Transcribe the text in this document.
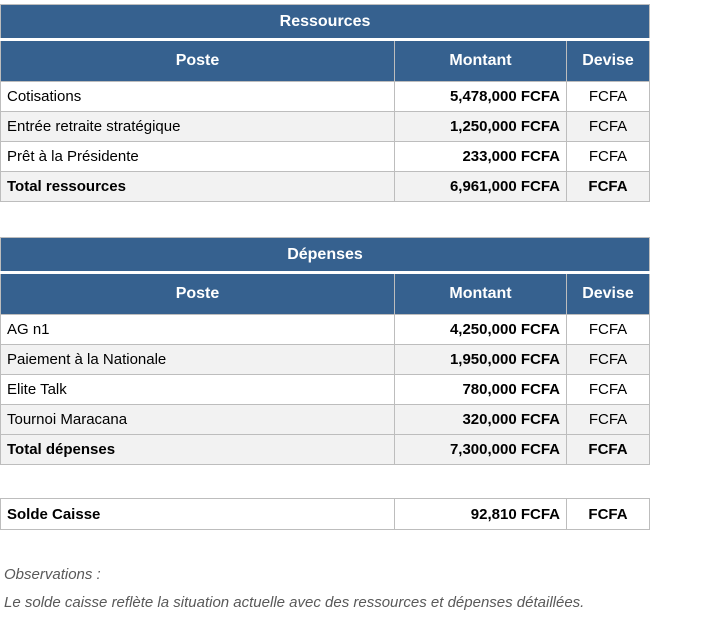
Ressources		
Poste	Montant	Devise
Cotisations	5,478,000 FCFA	FCFA
Entrée retraite stratégique	1,250,000 FCFA	FCFA
Prêt à la Présidente	233,000 FCFA	FCFA
Total ressources	6,961,000 FCFA	FCFA
Dépenses		
Poste	Montant	Devise
AG n1	4,250,000 FCFA	FCFA
Paiement à la Nationale	1,950,000 FCFA	FCFA
Elite Talk	780,000 FCFA	FCFA
Tournoi Maracana	320,000 FCFA	FCFA
Total dépenses	7,300,000 FCFA	FCFA
Solde Caisse	92,810 FCFA	FCFA
Observations :
Le solde caisse reflète la situation actuelle avec des ressources et dépenses détaillées.
